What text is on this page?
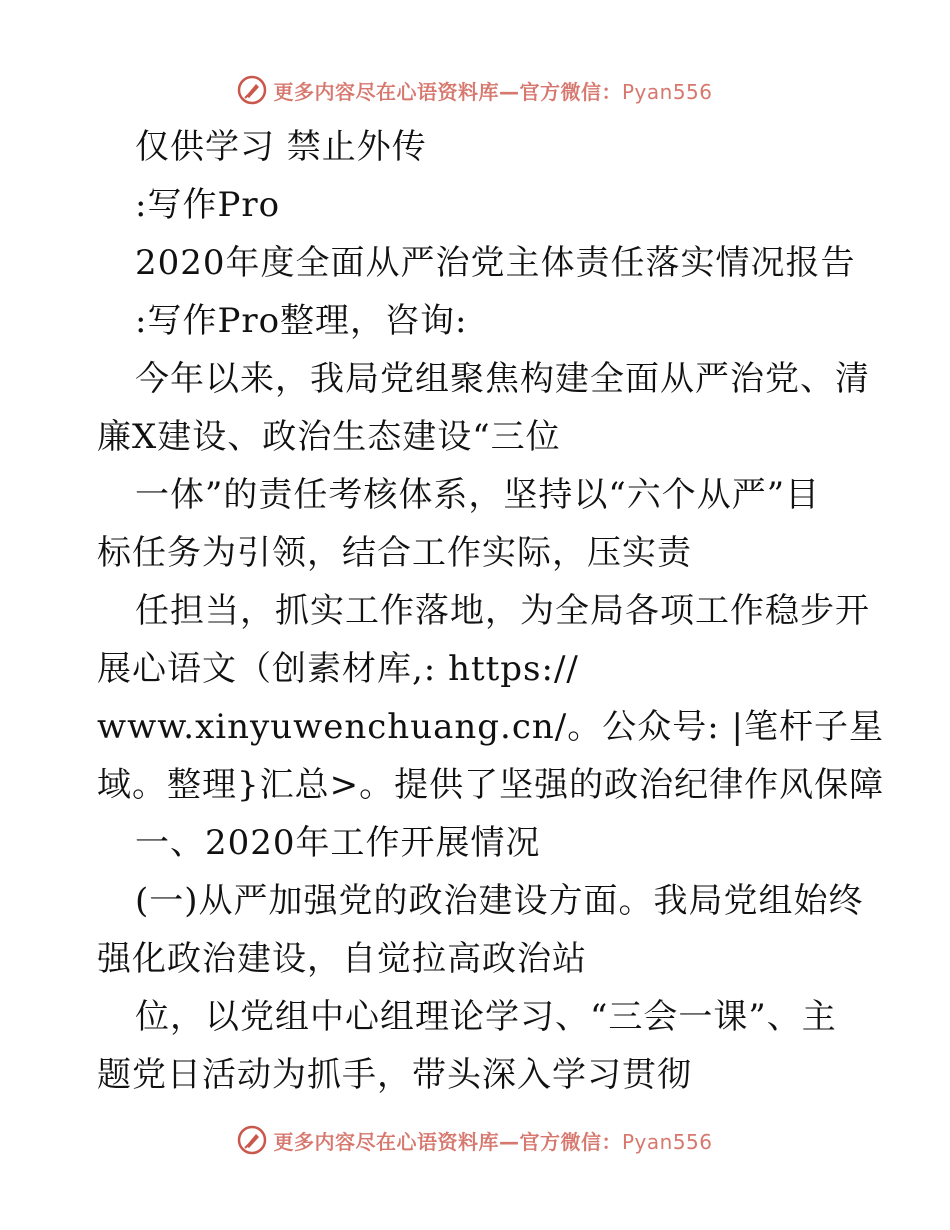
更多内容尽在心语资料库—官方微信：Pyan556
仅供学习 禁止外传
:写作Pro
2020年度全面从严治党主体责任落实情况报告
:写作Pro整理，咨询:
今年以来，我局党组聚焦构建全面从严治党、清
廉X建设、政治生态建设“三位
一体”的责任考核体系，坚持以“六个从严”目
标任务为引领，结合工作实际，压实责
任担当，抓实工作落地，为全局各项工作稳步开
展心语文（创素材库,: https://
www.xinyuwenchuang.cn/。公众号: |笔杆子星
域。整理}汇总>。提供了坚强的政治纪律作风保障
一、2020年工作开展情况
(一)从严加强党的政治建设方面。我局党组始终
强化政治建设，自觉拉高政治站
位，以党组中心组理论学习、“三会一课”、主
题党日活动为抓手，带头深入学习贯彻
更多内容尽在心语资料库—官方微信：Pyan556
